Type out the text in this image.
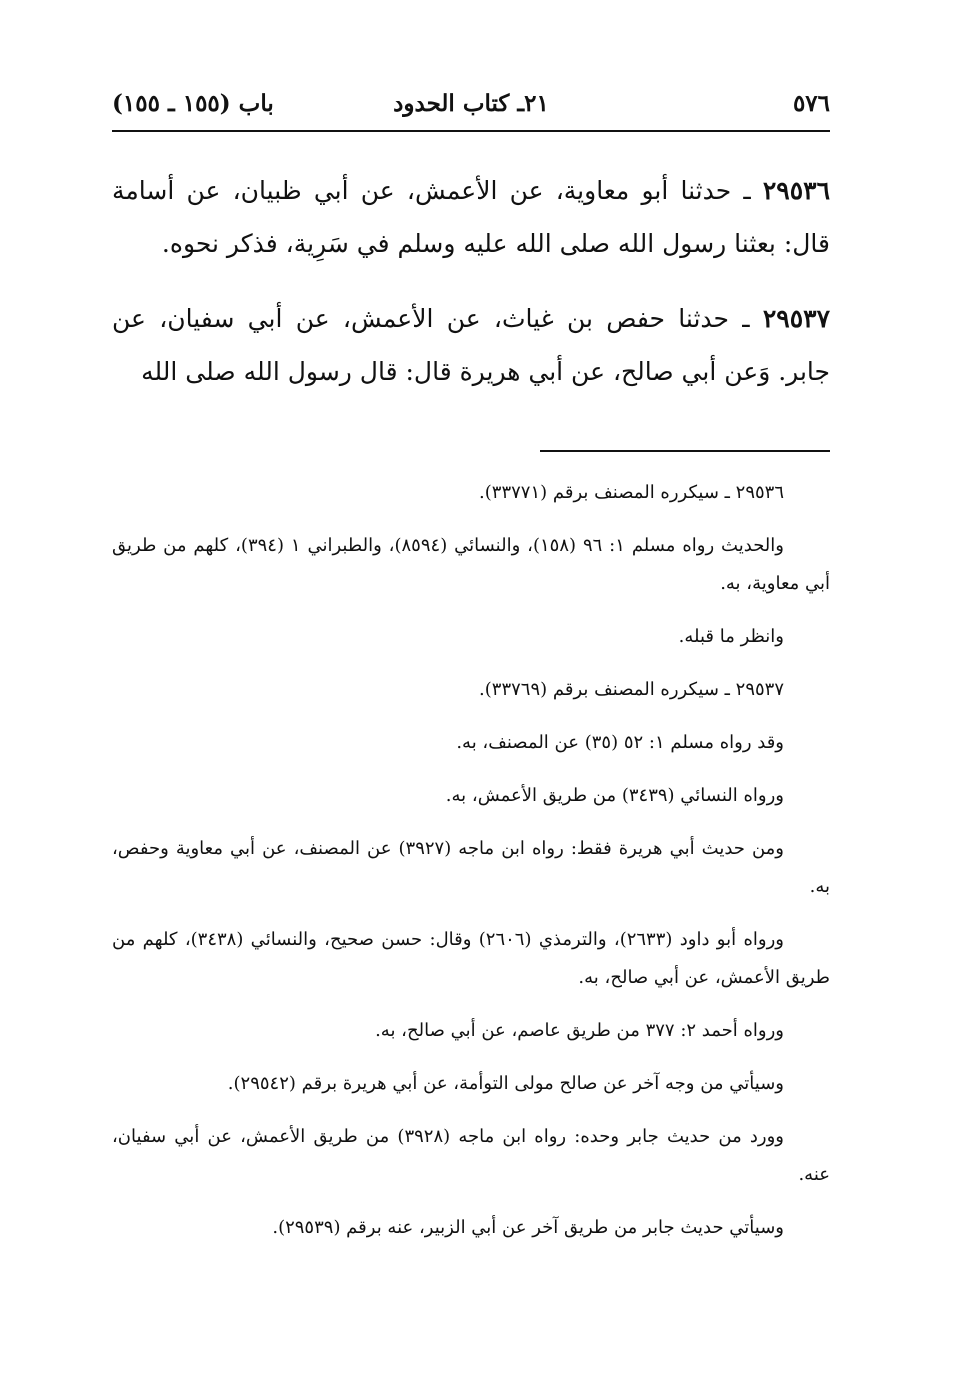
٥٧٦
٢١ـ كتاب الحدود
باب (١٥٥ ـ ١٥٥)

٢٩٥٣٦ ـ حدثنا أبو معاوية، عن الأعمش، عن أبي ظبيان، عن أسامة قال: بعثنا رسول الله صلى الله عليه وسلم في سَرِية، فذكر نحوه.

٢٩٥٣٧ ـ حدثنا حفص بن غياث، عن الأعمش، عن أبي سفيان، عن جابر. وَعن أبي صالح، عن أبي هريرة قال: قال رسول الله صلى الله

٢٩٥٣٦ ـ سيكرره المصنف برقم (٣٣٧٧١).

والحديث رواه مسلم ١: ٩٦ (١٥٨)، والنسائي (٨٥٩٤)، والطبراني ١ (٣٩٤)، كلهم من طريق أبي معاوية، به.

وانظر ما قبله.

٢٩٥٣٧ ـ سيكرره المصنف برقم (٣٣٧٦٩).

وقد رواه مسلم ١: ٥٢ (٣٥) عن المصنف، به.

ورواه النسائي (٣٤٣٩) من طريق الأعمش، به.

ومن حديث أبي هريرة فقط: رواه ابن ماجه (٣٩٢٧) عن المصنف، عن أبي معاوية وحفص، به.

ورواه أبو داود (٢٦٣٣)، والترمذي (٢٦٠٦) وقال: حسن صحيح، والنسائي (٣٤٣٨)، كلهم من طريق الأعمش، عن أبي صالح، به.

ورواه أحمد ٢: ٣٧٧ من طريق عاصم، عن أبي صالح، به.

وسيأتي من وجه آخر عن صالح مولى التوأمة، عن أبي هريرة برقم (٢٩٥٤٢).

وورد من حديث جابر وحده: رواه ابن ماجه (٣٩٢٨) من طريق الأعمش، عن أبي سفيان، عنه.

وسيأتي حديث جابر من طريق آخر عن أبي الزبير، عنه برقم (٢٩٥٣٩).
